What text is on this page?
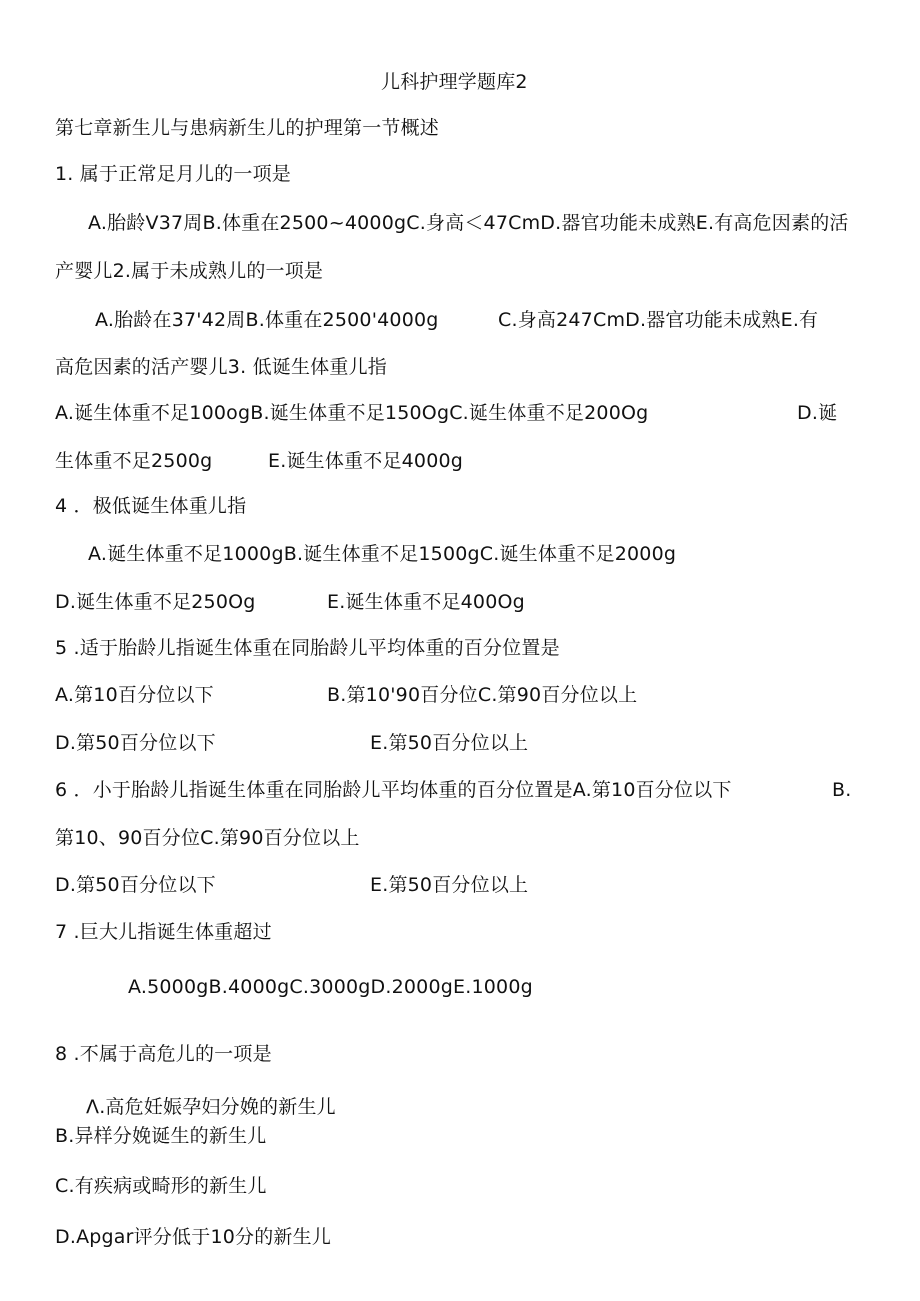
儿科护理学题库2
第七章新生儿与患病新生儿的护理第一节概述
1. 属于正常足月儿的一项是
A.胎龄V37周B.体重在2500~4000gC.身高＜47CmD.器官功能未成熟E.有高危因素的活
产婴儿2.属于未成熟儿的一项是
A.胎龄在37'42周B.体重在2500'4000g	C.身高247CmD.器官功能未成熟E.有
高危因素的活产婴儿3. 低诞生体重儿指
A.诞生体重不足100ogB.诞生体重不足150OgC.诞生体重不足200Og	D.诞
生体重不足2500g	E.诞生体重不足4000g
4 ．极低诞生体重儿指
A.诞生体重不足1000gB.诞生体重不足1500gC.诞生体重不足2000g
D.诞生体重不足250Og	E.诞生体重不足400Og
5 .适于胎龄儿指诞生体重在同胎龄儿平均体重的百分位置是
A.第10百分位以下	B.第10'90百分位C.第90百分位以上
D.第50百分位以下	E.第50百分位以上
6 ．小于胎龄儿指诞生体重在同胎龄儿平均体重的百分位置是A.第10百分位以下	B.
第10、90百分位C.第90百分位以上
D.第50百分位以下	E.第50百分位以上
7 .巨大儿指诞生体重超过
A.5000gB.4000gC.3000gD.2000gE.1000g
8 .不属于高危儿的一项是
Λ.高危妊娠孕妇分娩的新生儿
B.异样分娩诞生的新生儿
C.有疾病或畸形的新生儿
D.Apgar评分低于10分的新生儿
